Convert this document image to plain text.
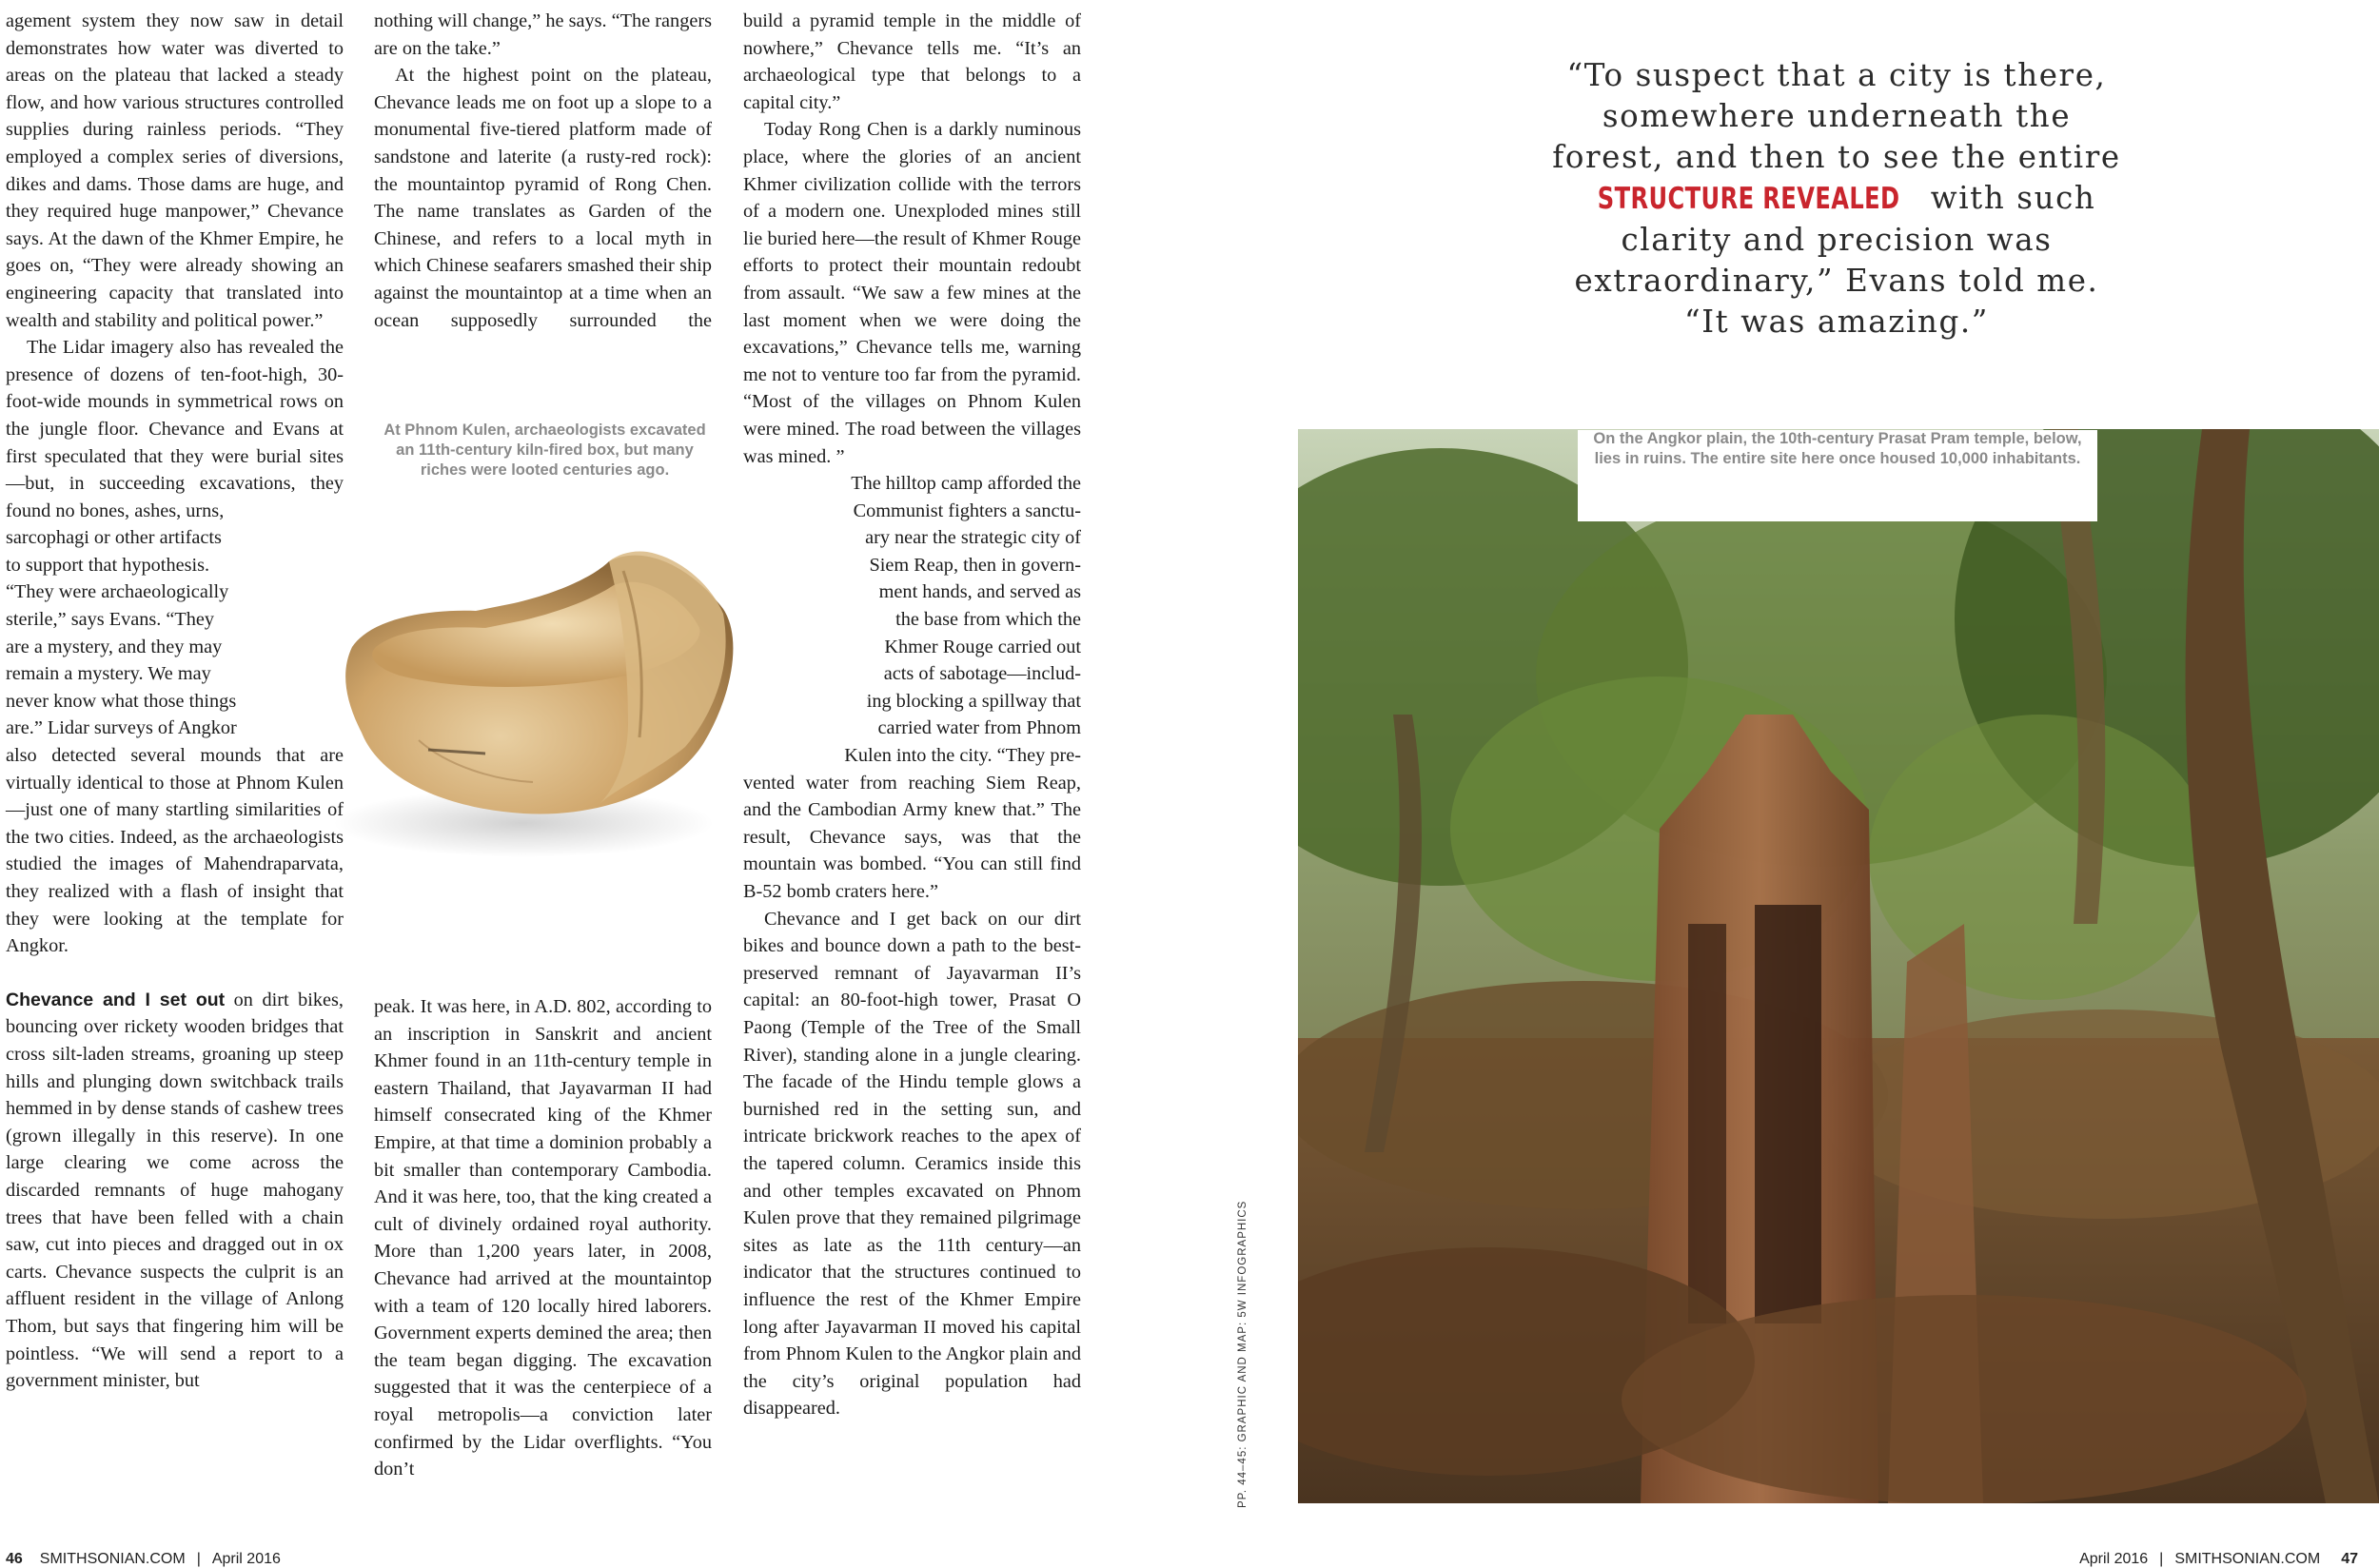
agement system they now saw in detail demonstrates how water was diverted to areas on the plateau that lacked a steady flow, and how various structures controlled supplies during rainless periods. “They employed a complex series of diversions, dikes and dams. Those dams are huge, and they required huge manpower,” Chevance says. At the dawn of the Khmer Empire, he goes on, “They were already showing an engineering capacity that translated into wealth and stability and political power.”

The Lidar imagery also has revealed the presence of dozens of ten-foot-high, 30-foot-wide mounds in symmetrical rows on the jungle floor. Chevance and Evans at first speculated that they were burial sites—but, in succeeding excavations, they

found no bones, ashes, urns,
sarcophagi or other artifacts
to support that hypothesis.
“They were archaeologically
sterile,” says Evans. “They
are a mystery, and they may
remain a mystery. We may
never know what those things
are.” Lidar surveys of Angkor

also detected several mounds that are virtually identical to those at Phnom Kulen—just one of many startling similarities of the two cities. Indeed, as the archaeologists studied the images of Mahendraparvata, they realized with a flash of insight that they were looking at the template for Angkor.

Chevance and I set out on dirt bikes, bouncing over rickety wooden bridges that cross silt-laden streams, groaning up steep hills and plunging down switchback trails hemmed in by dense stands of cashew trees (grown illegally in this reserve). In one large clearing we come across the discarded remnants of huge mahogany trees that have been felled with a chain saw, cut into pieces and dragged out in ox carts. Chevance suspects the culprit is an affluent resident in the village of Anlong Thom, but says that fingering him will be pointless. “We will send a report to a government minister, but

nothing will change,” he says. “The rangers are on the take.”

At the highest point on the plateau, Chevance leads me on foot up a slope to a monumental five-tiered platform made of sandstone and laterite (a rusty-red rock): the mountaintop pyramid of Rong Chen. The name translates as Garden of the Chinese, and refers to a local myth in which Chinese seafarers smashed their ship against the mountaintop at a time when an ocean supposedly surrounded the

At Phnom Kulen, archaeologists excavated an 11th-century kiln-fired box, but many riches were looted centuries ago.

peak. It was here, in A.D. 802, according to an inscription in Sanskrit and ancient Khmer found in an 11th-century temple in eastern Thailand, that Jayavarman II had himself consecrated king of the Khmer Empire, at that time a dominion probably a bit smaller than contemporary Cambodia. And it was here, too, that the king created a cult of divinely ordained royal authority. More than 1,200 years later, in 2008, Chevance had arrived at the mountaintop with a team of 120 locally hired laborers. Government experts demined the area; then the team began digging. The excavation suggested that it was the centerpiece of a royal metropolis—a conviction later confirmed by the Lidar overflights. “You don’t

build a pyramid temple in the middle of nowhere,” Chevance tells me. “It’s an archaeological type that belongs to a capital city.”

Today Rong Chen is a darkly numinous place, where the glories of an ancient Khmer civilization collide with the terrors of a modern one. Unexploded mines still lie buried here—the result of Khmer Rouge efforts to protect their mountain redoubt from assault. “We saw a few mines at the last moment when we were doing the excavations,” Chevance tells me, warning me not to venture too far from the pyramid. “Most of the villages on Phnom Kulen were mined. The road between the villages was mined. ”

The hilltop camp afforded the
Communist fighters a sanctu-
ary near the strategic city of
Siem Reap, then in govern-
ment hands, and served as
the base from which the
Khmer Rouge carried out
acts of sabotage—includ-
ing blocking a spillway that
carried water from Phnom
Kulen into the city. “They pre-

vented water from reaching Siem Reap, and the Cambodian Army knew that.” The result, Chevance says, was that the mountain was bombed. “You can still find B-52 bomb craters here.”

Chevance and I get back on our dirt bikes and bounce down a path to the best-preserved remnant of Jayavarman II’s capital: an 80-foot-high tower, Prasat O Paong (Temple of the Tree of the Small River), standing alone in a jungle clearing. The facade of the Hindu temple glows a burnished red in the setting sun, and intricate brickwork reaches to the apex of the tapered column. Ceramics inside this and other temples excavated on Phnom Kulen prove that they remained pilgrimage sites as late as the 11th century—an indicator that the structures continued to influence the rest of the Khmer Empire long after Jayavarman II moved his capital from Phnom Kulen to the Angkor plain and the city’s original population had disappeared.

“To suspect that a city is there, somewhere underneath the forest, and then to see the entire STRUCTURE REVEALED with such clarity and precision was extraordinary,” Evans told me. “It was amazing.”

On the Angkor plain, the 10th-century Prasat Pram temple, below, lies in ruins. The entire site here once housed 10,000 inhabitants.

PP. 44–45: GRAPHIC AND MAP: 5W INFOGRAPHICS
46 SMITHSONIAN.COM | April 2016	April 2016 | SMITHSONIAN.COM 47
